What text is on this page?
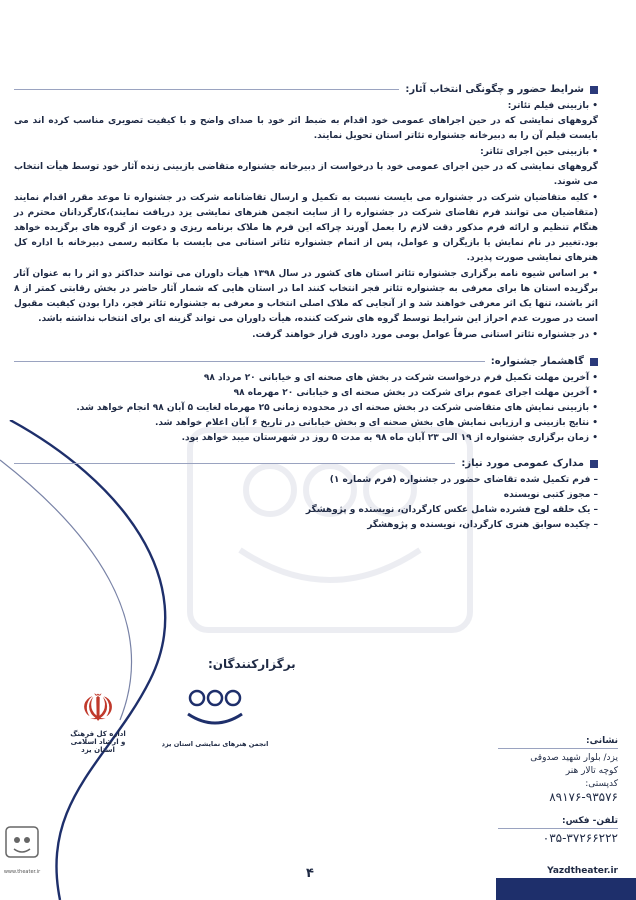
شرایط حضور و چگونگی انتخاب آثار:

• بازبینی فیلم تئاتر:

گروههای نمایشی که در حین اجراهای عمومی خود اقدام به ضبط اثر خود با صدای واضح و با کیفیت تصویری مناسب کرده اند می بایست فیلم آن را به دبیرخانه جشنواره تئاتر استان تحویل نمایند.

• بازبینی حین اجرای تئاتر:

گروههای نمایشی که در حین اجرای عمومی خود با درخواست از دبیرخانه جشنواره متقاضی بازبینی زنده آثار خود توسط هیأت انتخاب می شوند.

• کلیه متقاضیان شرکت در جشنواره می بایست نسبت به تکمیل و ارسال تقاضانامه شرکت در جشنواره تا موعد مقرر اقدام نمایند (متقاضیان می توانند فرم تقاضای شرکت در جشنواره را از سایت انجمن هنرهای نمایشی یزد دریافت نمایند)،کارگردانان محترم در هنگام تنظیم و ارائه فرم مذکور دقت لازم را بعمل آورند چراکه این فرم ها ملاک برنامه ریزی و دعوت از گروه های برگزیده خواهد بود.تغییر در نام نمایش یا بازیگران و عوامل، پس از اتمام جشنواره تئاتر استانی می بایست با مکاتبه رسمی دبیرخانه با اداره کل هنرهای نمایشی صورت پذیرد.

• بر اساس شیوه نامه برگزاری جشنواره تئاتر استان های کشور در سال ۱۳۹۸ هیأت داوران می توانند حداکثر دو اثر را به عنوان آثار برگزیده استان ها برای معرفی به جشنواره تئاتر فجر انتخاب کنند اما در استان هایی که شمار آثار حاضر در بخش رقابتی کمتر از ۸ اثر باشند، تنها یک اثر معرفی خواهند شد و از آنجایی که ملاک اصلی انتخاب و معرفی به جشنواره تئاتر فجر، دارا بودن کیفیت مقبول است در صورت عدم احراز این شرایط توسط گروه های شرکت کننده، هیأت داوران می تواند گزینه ای برای انتخاب نداشته باشد.

• در جشنواره تئاتر استانی صرفاً عوامل بومی مورد داوری قرار خواهند گرفت.

گاهشمار جشنواره:

• آخرین مهلت تکمیل فرم درخواست شرکت در بخش های صحنه ای و خیابانی ۲۰ مرداد ۹۸

• آخرین مهلت اجرای عموم برای شرکت در بخش صحنه ای و خیابانی ۲۰ مهرماه ۹۸

• بازبینی نمایش های متقاضی شرکت در بخش صحنه ای در محدوده زمانی ۲۵ مهرماه لغایت ۵ آبان ۹۸ انجام خواهد شد.

• نتایج بازبینی و ارزیابی نمایش های بخش صحنه ای و بخش خیابانی در تاریخ ۶ آبان اعلام خواهد شد.

• زمان برگزاری جشنواره از ۱۹ الی ۲۳ آبان ماه ۹۸ به مدت ۵ روز در شهرستان میبد خواهد بود.

مدارک عمومی مورد نیاز:

– فرم تکمیل شده تقاضای حضور در جشنواره (فرم شماره ۱)

– مجوز کتبی نویسنده

– یک حلقه لوح فشرده شامل عکس کارگردان، نویسنده و پژوهشگر

– چکیده سوابق هنری کارگردان، نویسنده و پژوهشگر

برگزارکنندگان:
☫
اداره کل فرهنگ و ارشاد اسلامی
استان یزد
انجمن هنرهای نمایشی استان یزد	نشانی:
یزد/ بلوار شهید صدوقی
کوچه تالار هنر
کدپستی:
۸۹۱۷۶-۹۳۵۷۶
تلفن- فکس:
۰۳۵-۳۷۲۶۶۲۲۲
Yazdtheater.ir
۴
www.theater.ir
